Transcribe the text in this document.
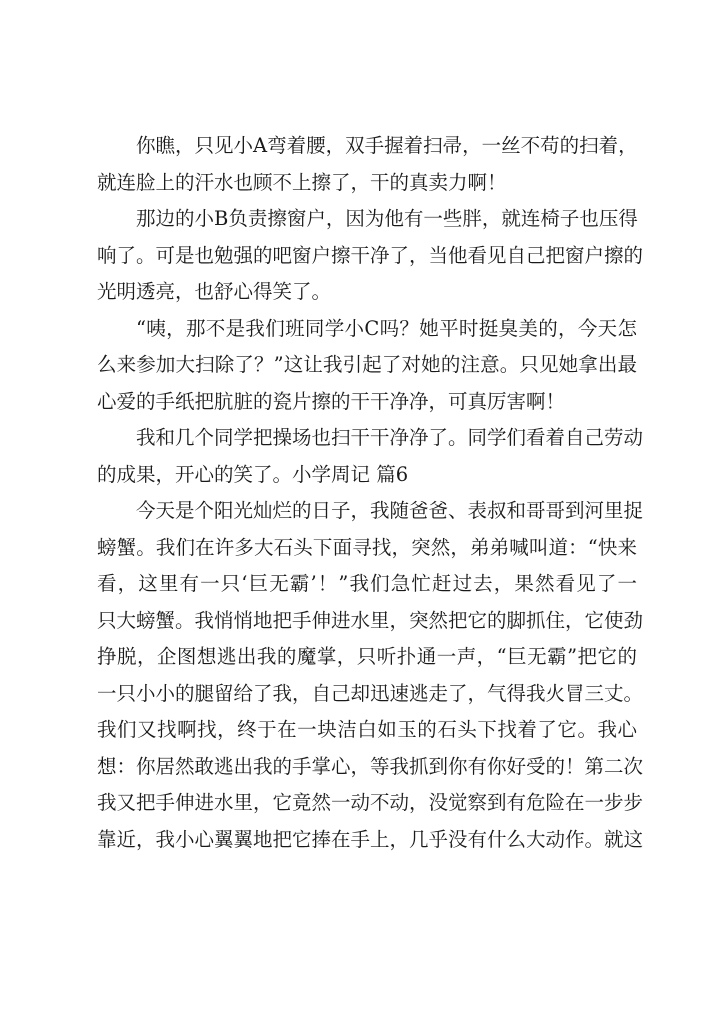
你瞧，只见小A弯着腰，双手握着扫帚，一丝不苟的扫着，
就连脸上的汗水也顾不上擦了，干的真卖力啊！
那边的小B负责擦窗户，因为他有一些胖，就连椅子也压得
响了。可是也勉强的吧窗户擦干净了，当他看见自己把窗户擦的
光明透亮，也舒心得笑了。
“咦，那不是我们班同学小C吗？她平时挺臭美的，今天怎
么来参加大扫除了？”这让我引起了对她的注意。只见她拿出最
心爱的手纸把肮脏的瓷片擦的干干净净，可真厉害啊！
我和几个同学把操场也扫干干净净了。同学们看着自己劳动
的成果，开心的笑了。小学周记 篇6
今天是个阳光灿烂的日子，我随爸爸、表叔和哥哥到河里捉
螃蟹。我们在许多大石头下面寻找，突然，弟弟喊叫道：“快来
看，这里有一只‘巨无霸’！”我们急忙赶过去，果然看见了一
只大螃蟹。我悄悄地把手伸进水里，突然把它的脚抓住，它使劲
挣脱，企图想逃出我的魔掌，只听扑通一声，“巨无霸”把它的
一只小小的腿留给了我，自己却迅速逃走了，气得我火冒三丈。
我们又找啊找，终于在一块洁白如玉的石头下找着了它。我心
想：你居然敢逃出我的手掌心，等我抓到你有你好受的！第二次
我又把手伸进水里，它竟然一动不动，没觉察到有危险在一步步
靠近，我小心翼翼地把它捧在手上，几乎没有什么大动作。就这
